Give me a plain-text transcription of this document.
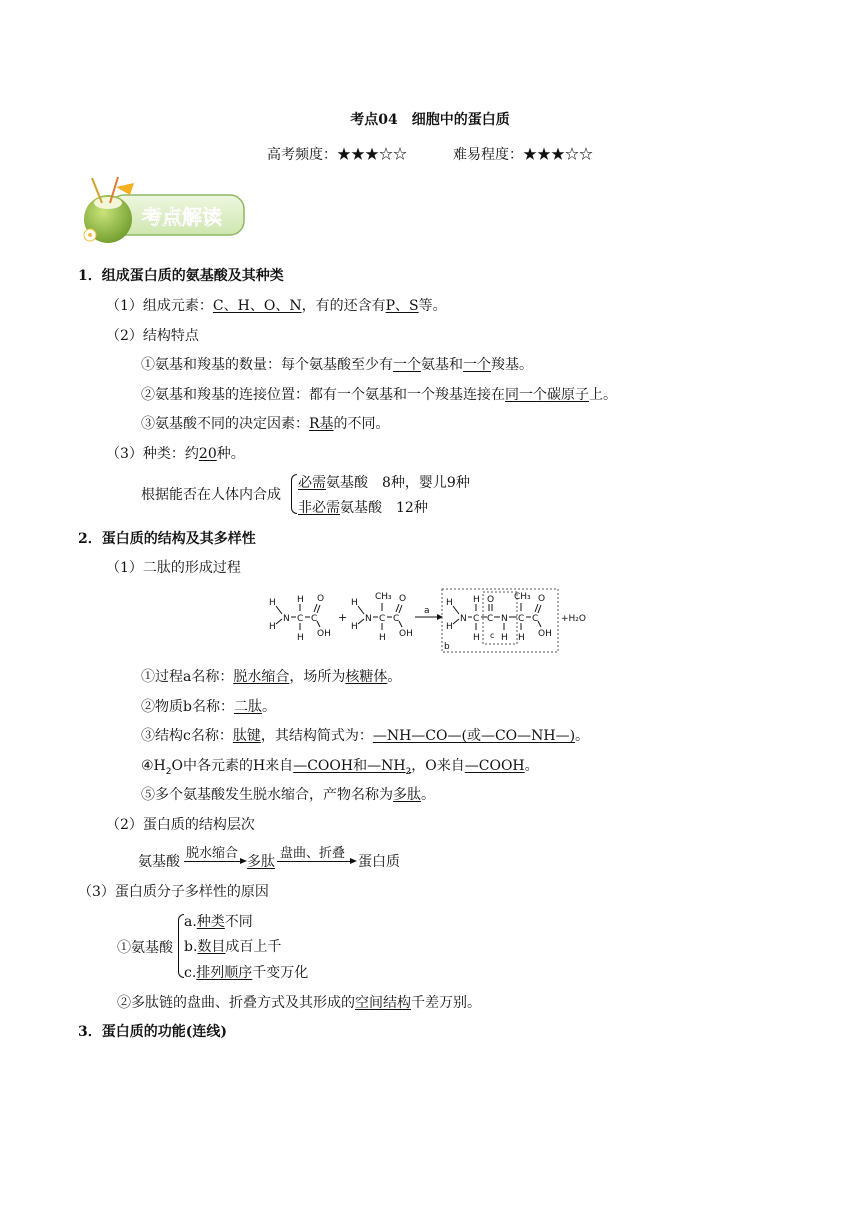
考点04　细胞中的蛋白质
高考频度：★★★☆☆	难易程度：★★★☆☆
考点解读
1．组成蛋白质的氨基酸及其种类
（1）组成元素：C、H、O、N，有的还含有P、S等。
（2）结构特点
①氨基和羧基的数量：每个氨基酸至少有一个氨基和一个羧基。
②氨基和羧基的连接位置：都有一个氨基和一个羧基连接在同一个碳原子上。
③氨基酸不同的决定因素：R基的不同。
（3）种类：约20种。
根据能否在人体内合成
必需氨基酸　8种，婴儿9种
非必需氨基酸　12种
2．蛋白质的结构及其多样性
（1）二肽的形成过程
H
H
N C
H
H
C
O
OH
+
H
H
N C
CH₃
H
C
O
OH
a
b
H
H
N C
H
H
C
O
N
H
c
C
CH₃
H
C
O
OH
+H₂O
①过程a名称：脱水缩合，场所为核糖体。
②物质b名称：二肽。
③结构c名称：肽键，其结构简式为：—NH—CO—(或—CO—NH—)。
$④H_2O$中各元素的H来自—COOH和$—NH_2$，O来自—COOH。
⑤多个氨基酸发生脱水缩合，产物名称为多肽。
（2）蛋白质的结构层次
氨基酸
脱水缩合
多肽
盘曲、折叠
蛋白质
（3）蛋白质分子多样性的原因
①氨基酸
a.种类不同
b.数目成百上千
c.排列顺序千变万化
②多肽链的盘曲、折叠方式及其形成的空间结构千差万别。
3．蛋白质的功能(连线)
